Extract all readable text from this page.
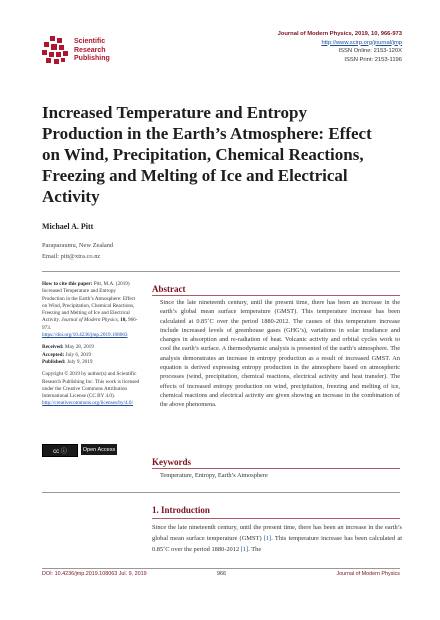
Scientific
Research
Publishing
Journal of Modern Physics, 2019, 10, 966-973
http://www.scirp.org/journal/jmp
ISSN Online: 2153-120X
ISSN Print: 2153-1196
Increased Temperature and Entropy Production in the Earth’s Atmosphere: Effect on Wind, Precipitation, Chemical Reactions, Freezing and Melting of Ice and Electrical Activity
Michael A. Pitt
Paraparaumu, New Zealand
Email: pitt@xtra.co.nz

How to cite this paper: Pitt, M.A. (2019) Increased Temperature and Entropy Production in the Earth’s Atmosphere: Effect on Wind, Precipitation, Chemical Reactions, Freezing and Melting of Ice and Electrical Activity. Journal of Modern Physics, 10, 966-973.
https://doi.org/10.4236/jmp.2019.108063

Received: May 28, 2019
Accepted: July 6, 2019
Published: July 9, 2019

Copyright © 2019 by author(s) and Scientific Research Publishing Inc. This work is licensed under the Creative Commons Attribution International License (CC BY 4.0).
http://creativecommons.org/licenses/by/4.0/

cc ⓘ	Open Access
Abstract
Since the late nineteenth century, until the present time, there has been an increase in the earth’s global mean surface temperature (GMST). This temperature increase has been calculated at 0.85˚C over the period 1880-2012. The causes of this temperature increase include increased levels of greenhouse gases (GHG’s), variations in solar irradiance and changes in absorption and re-radiation of heat. Volcanic activity and orbital cycles work to cool the earth’s surface. A thermodynamic analysis is presented of the earth’s atmosphere. The analysis demonstrates an increase in entropy production as a result of increased GMST. An equation is derived expressing entropy production in the atmosphere based on atmospheric processes (wind, precipitation, chemical reactions, electrical activity and heat transfer). The effects of increased entropy production on wind, precipitation, freezing and melting of ice, chemical reactions and electrical activity are given showing an increase in the combination of the above phenomena.
Keywords
Temperature, Entropy, Earth’s Atmosphere
1. Introduction
Since the late nineteenth century, until the present time, there has been an increase in the earth’s global mean surface temperature (GMST) [1]. This temperature increase has been calculated at 0.85˚C over the period 1880-2012 [1]. The
DOI: 10.4236/jmp.2019.108063 Jul. 9, 2019	966	Journal of Modern Physics
